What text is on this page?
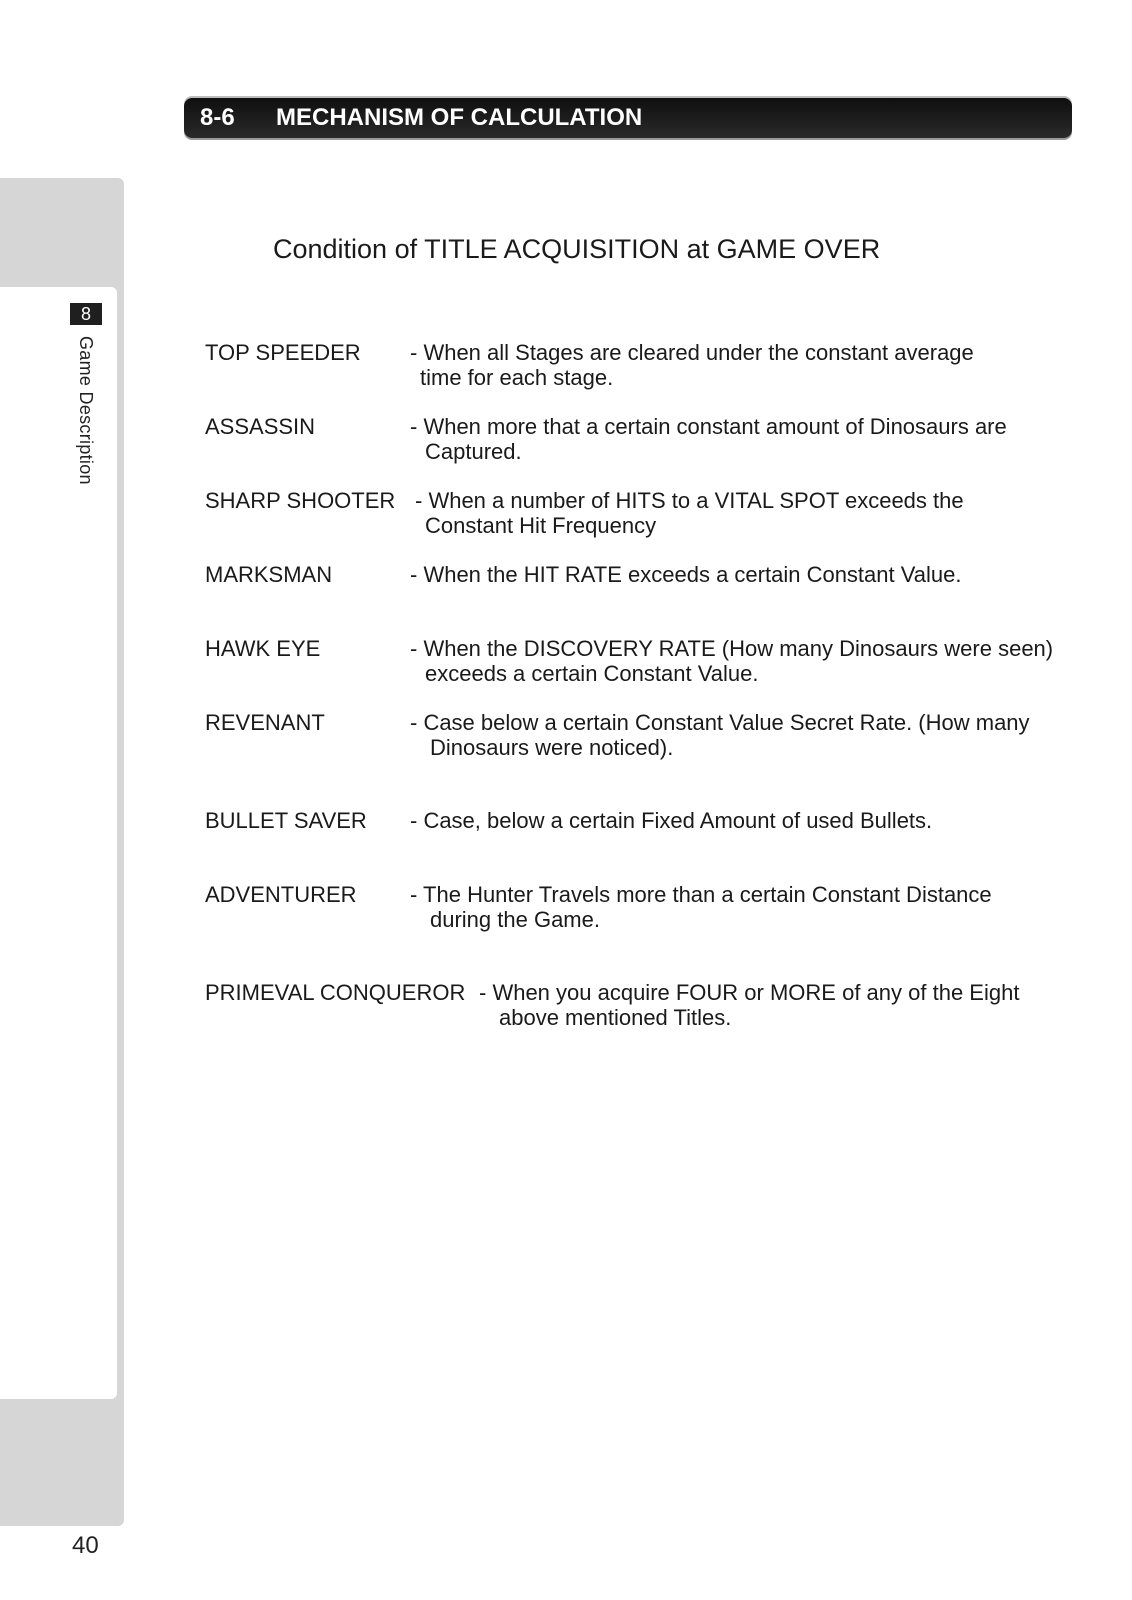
8
Game Description
40
8-6 MECHANISM OF CALCULATION
Condition of TITLE ACQUISITION at GAME OVER
TOP SPEEDER - When all Stages are cleared under the constant average
time for each stage.
ASSASSIN	- When more that a certain constant amount of Dinosaurs are
Captured.
SHARP SHOOTER - When a number of HITS to a VITAL SPOT exceeds the
Constant Hit Frequency
MARKSMAN	- When the HIT RATE exceeds a certain Constant Value.
HAWK EYE	- When the DISCOVERY RATE (How many Dinosaurs were seen)
exceeds a certain Constant Value.
REVENANT	- Case below a certain Constant Value Secret Rate. (How many
Dinosaurs were noticed).
BULLET SAVER - Case, below a certain Fixed Amount of used Bullets.
ADVENTURER - The Hunter Travels more than a certain Constant Distance
during the Game.
PRIMEVAL CONQUEROR - When you acquire FOUR or MORE of any of the Eight
above mentioned Titles.
